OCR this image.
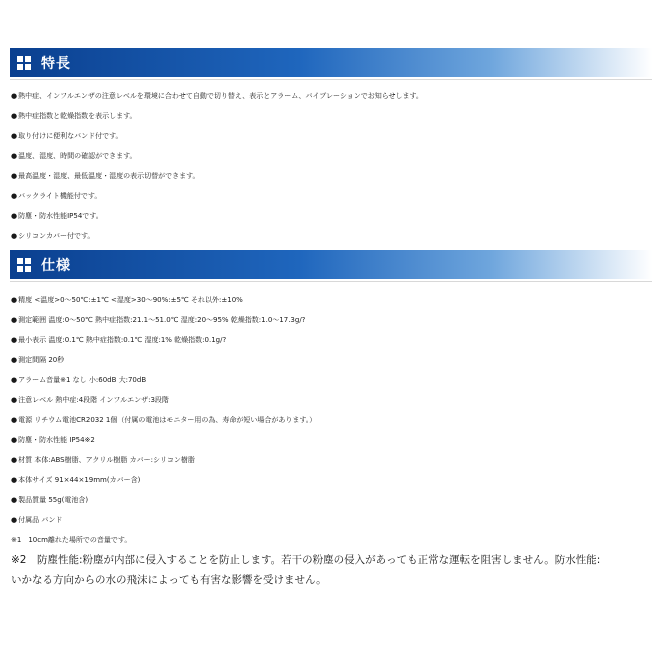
特長
●熱中症、インフルエンザの注意レベルを環境に合わせて自動で切り替え、表示とアラーム、バイブレーションでお知らせします。
●熱中症指数と乾燥指数を表示します。
●取り付けに便利なバンド付です。
●温度、湿度、時間の確認ができます。
●最高温度・湿度、最低温度・湿度の表示切替ができます。
●バックライト機能付です。
●防塵・防水性能IP54です。
●シリコンカバー付です。
仕様
●精度 <温度>0～50℃:±1℃ <湿度>30～90%:±5℃ それ以外:±10%
●測定範囲 温度:0～50℃ 熱中症指数:21.1～51.0℃ 湿度:20～95% 乾燥指数:1.0～17.3g/?
●最小表示 温度:0.1℃ 熱中症指数:0.1℃ 湿度:1% 乾燥指数:0.1g/?
●測定間隔 20秒
●アラーム音量※1 なし 小:60dB 大:70dB
●注意レベル 熱中症:4段階 インフルエンザ:3段階
●電源 リチウム電池CR2032 1個（付属の電池はモニター用の為、寿命が短い場合があります。）
●防塵・防水性能 IP54※2
●材質 本体:ABS樹脂、アクリル樹脂 カバー:シリコン樹脂
●本体サイズ 91×44×19mm(カバー含)
●製品質量 55g(電池含)
●付属品 バンド
※1　10cm離れた場所での音量です。
※2　防塵性能:粉塵が内部に侵入することを防止します。若干の粉塵の侵入があっても正常な運転を阻害しません。防水性能:
いかなる方向からの水の飛沫によっても有害な影響を受けません。
